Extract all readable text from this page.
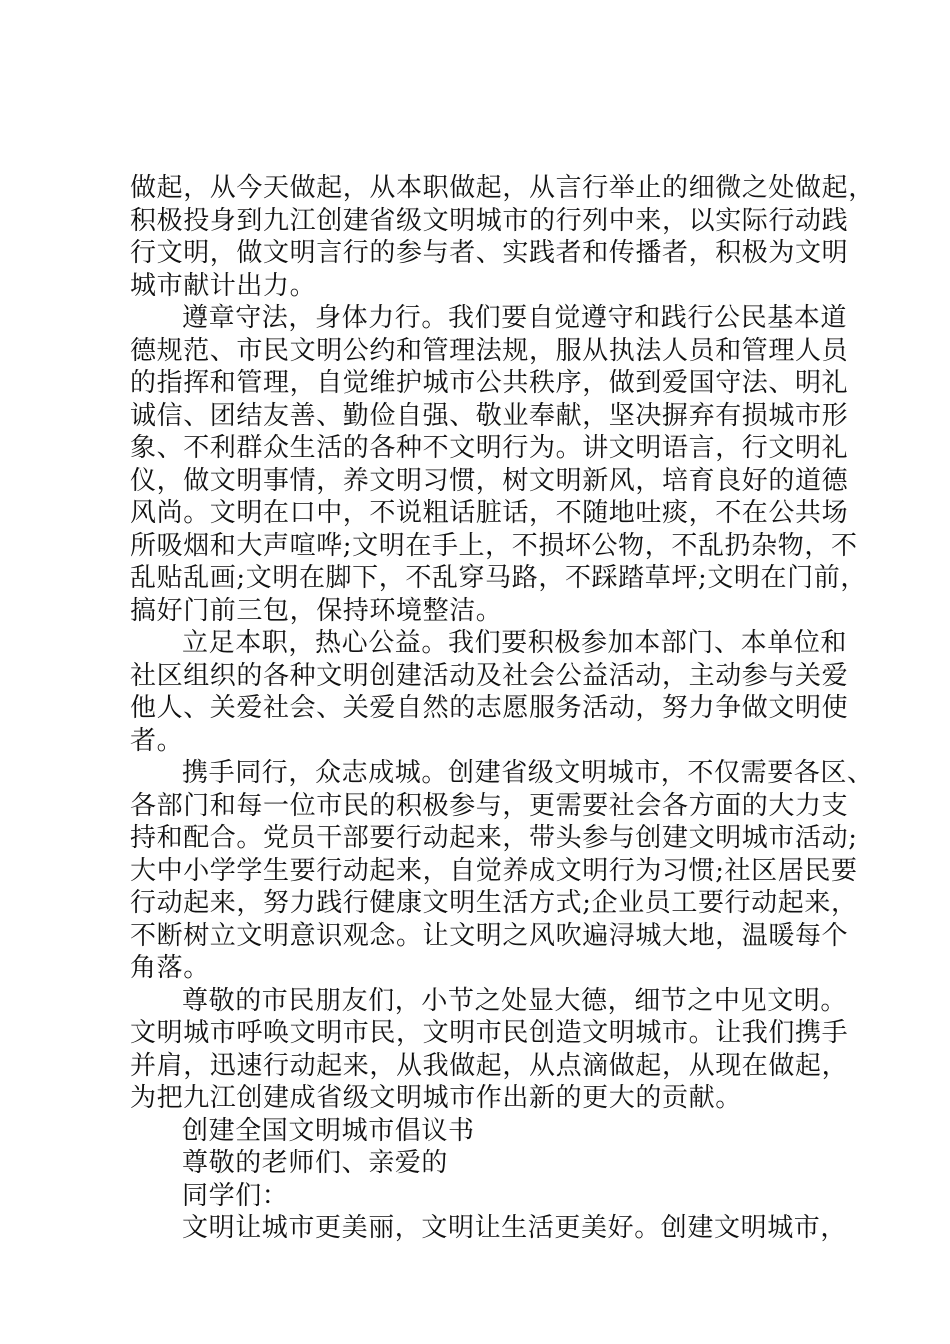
做起，从今天做起，从本职做起，从言行举止的细微之处做起，
积极投身到九江创建省级文明城市的行列中来，以实际行动践
行文明，做文明言行的参与者、实践者和传播者，积极为文明
城市献计出力。
遵章守法，身体力行。我们要自觉遵守和践行公民基本道
德规范、市民文明公约和管理法规，服从执法人员和管理人员
的指挥和管理，自觉维护城市公共秩序，做到爱国守法、明礼
诚信、团结友善、勤俭自强、敬业奉献，坚决摒弃有损城市形
象、不利群众生活的各种不文明行为。讲文明语言，行文明礼
仪，做文明事情，养文明习惯，树文明新风，培育良好的道德
风尚。文明在口中，不说粗话脏话，不随地吐痰，不在公共场
所吸烟和大声喧哗;文明在手上，不损坏公物，不乱扔杂物，不
乱贴乱画;文明在脚下，不乱穿马路，不踩踏草坪;文明在门前，
搞好门前三包，保持环境整洁。
立足本职，热心公益。我们要积极参加本部门、本单位和
社区组织的各种文明创建活动及社会公益活动，主动参与关爱
他人、关爱社会、关爱自然的志愿服务活动，努力争做文明使
者。
携手同行，众志成城。创建省级文明城市，不仅需要各区、
各部门和每一位市民的积极参与，更需要社会各方面的大力支
持和配合。党员干部要行动起来，带头参与创建文明城市活动;
大中小学学生要行动起来，自觉养成文明行为习惯;社区居民要
行动起来，努力践行健康文明生活方式;企业员工要行动起来，
不断树立文明意识观念。让文明之风吹遍浔城大地，温暖每个
角落。
尊敬的市民朋友们，小节之处显大德，细节之中见文明。
文明城市呼唤文明市民，文明市民创造文明城市。让我们携手
并肩，迅速行动起来，从我做起，从点滴做起，从现在做起，
为把九江创建成省级文明城市作出新的更大的贡献。
创建全国文明城市倡议书
尊敬的老师们、亲爱的
同学们：
文明让城市更美丽，文明让生活更美好。创建文明城市，
